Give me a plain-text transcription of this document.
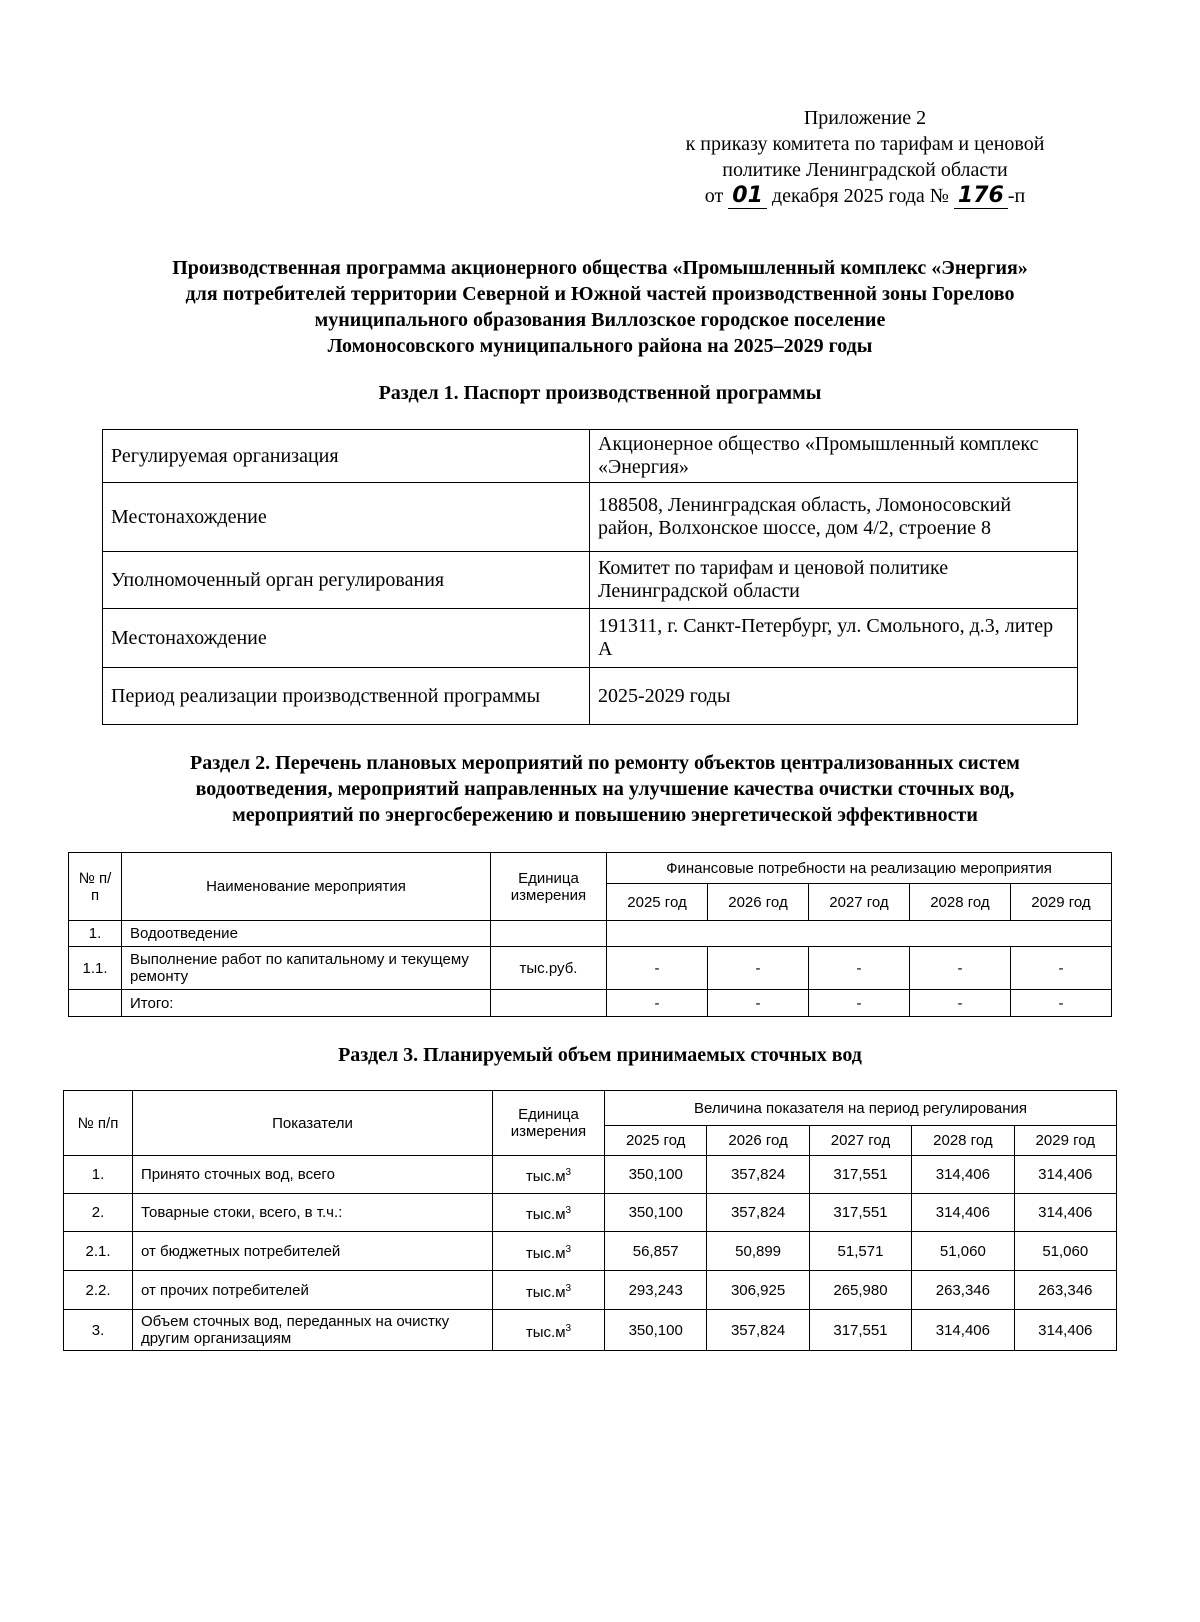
Приложение 2
к приказу комитета по тарифам и ценовой
политике Ленинградской области
от 01 декабря 2025 года № 176 -п
Производственная программа акционерного общества «Промышленный комплекс «Энергия»
для потребителей территории Северной и Южной частей производственной зоны Горелово
муниципального образования Виллозское городское поселение
Ломоносовского муниципального района на 2025–2029 годы
Раздел 1. Паспорт производственной программы
Регулируемая организация	Акционерное общество «Промышленный комплекс «Энергия»
Местонахождение	188508, Ленинградская область, Ломоносовский район, Волхонское шоссе, дом 4/2, строение 8
Уполномоченный орган регулирования	Комитет по тарифам и ценовой политике Ленинградской области
Местонахождение	191311, г. Санкт-Петербург, ул. Смольного, д.3, литер А
Период реализации производственной программы	2025-2029 годы
Раздел 2. Перечень плановых мероприятий по ремонту объектов централизованных систем
водоотведения, мероприятий направленных на улучшение качества очистки сточных вод,
мероприятий по энергосбережению и повышению энергетической эффективности
№ п/п	Наименование мероприятия	Единица измерения	Финансовые потребности на реализацию мероприятия				
			2025 год	2026 год	2027 год	2028 год	2029 год
1.	Водоотведение						
1.1.	Выполнение работ по капитальному и текущему ремонту	тыс.руб.	-	-	-	-	-
	Итого:		-	-	-	-	-
Раздел 3. Планируемый объем принимаемых сточных вод
№ п/п	Показатели	Единица измерения	Величина показателя на период регулирования				
			2025 год	2026 год	2027 год	2028 год	2029 год
1.	Принято сточных вод, всего	$тыс.м^3$	350,100	357,824	317,551	314,406	314,406
2.	Товарные стоки, всего, в т.ч.:	$тыс.м^3$	350,100	357,824	317,551	314,406	314,406
2.1.	от бюджетных потребителей	$тыс.м^3$	56,857	50,899	51,571	51,060	51,060
2.2.	от прочих потребителей	$тыс.м^3$	293,243	306,925	265,980	263,346	263,346
3.	Объем сточных вод, переданных на очистку другим организациям	$тыс.м^3$	350,100	357,824	317,551	314,406	314,406
